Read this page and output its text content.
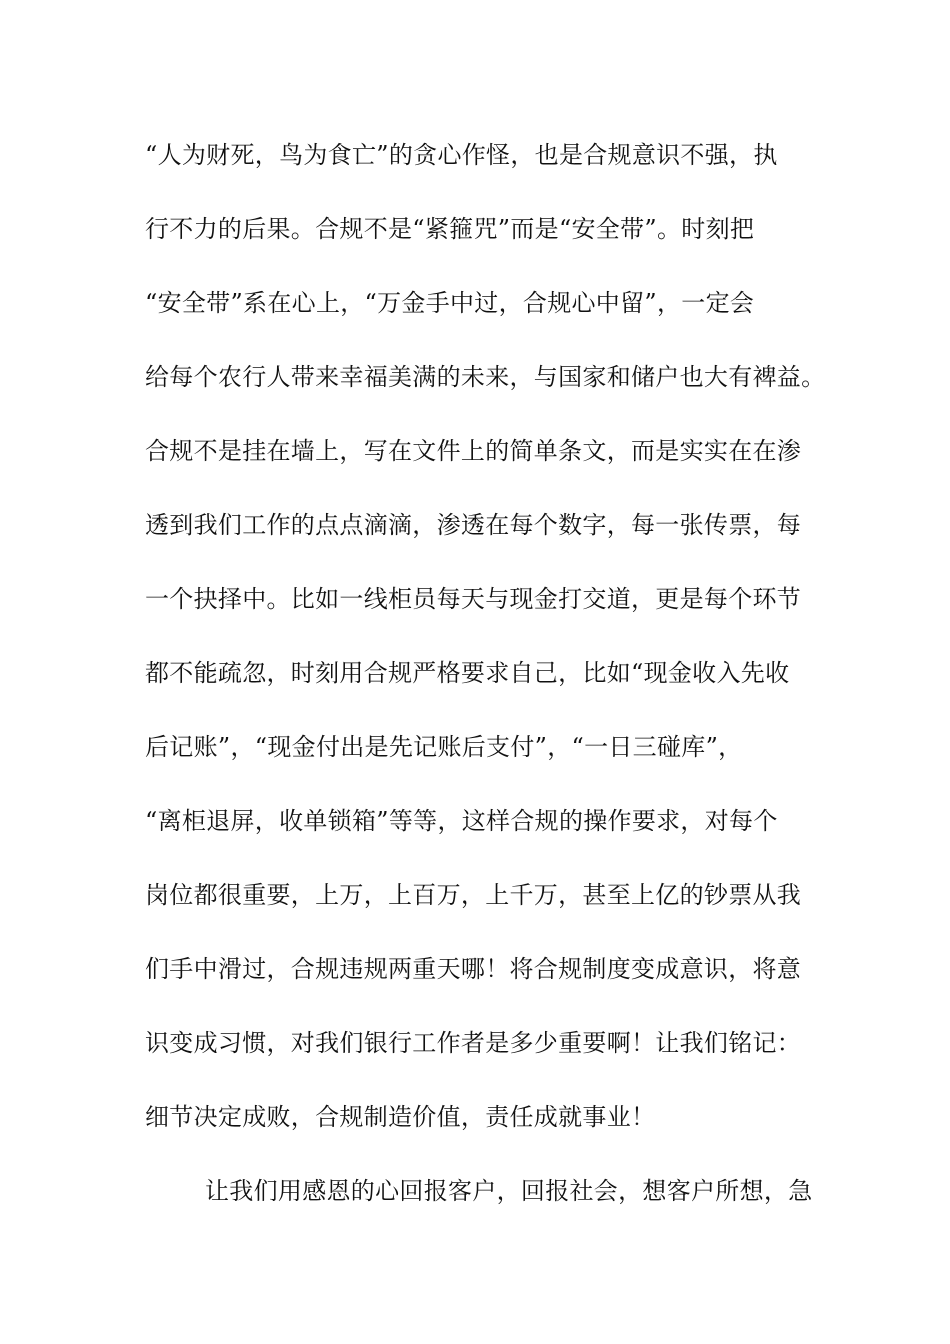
“人为财死，鸟为食亡”的贪心作怪，也是合规意识不强，执
行不力的后果。合规不是“紧箍咒”而是“安全带”。时刻把
“安全带”系在心上，“万金手中过，合规心中留”，一定会
给每个农行人带来幸福美满的未来，与国家和储户也大有裨益。
合规不是挂在墙上，写在文件上的简单条文，而是实实在在渗
透到我们工作的点点滴滴，渗透在每个数字，每一张传票，每
一个抉择中。比如一线柜员每天与现金打交道，更是每个环节
都不能疏忽，时刻用合规严格要求自己，比如“现金收入先收
后记账”，“现金付出是先记账后支付”，“一日三碰库”，
“离柜退屏，收单锁箱”等等，这样合规的操作要求，对每个
岗位都很重要，上万，上百万，上千万，甚至上亿的钞票从我
们手中滑过，合规违规两重天哪！将合规制度变成意识，将意
识变成习惯，对我们银行工作者是多少重要啊！让我们铭记：
细节决定成败，合规制造价值，责任成就事业！
让我们用感恩的心回报客户，回报社会，想客户所想，急
